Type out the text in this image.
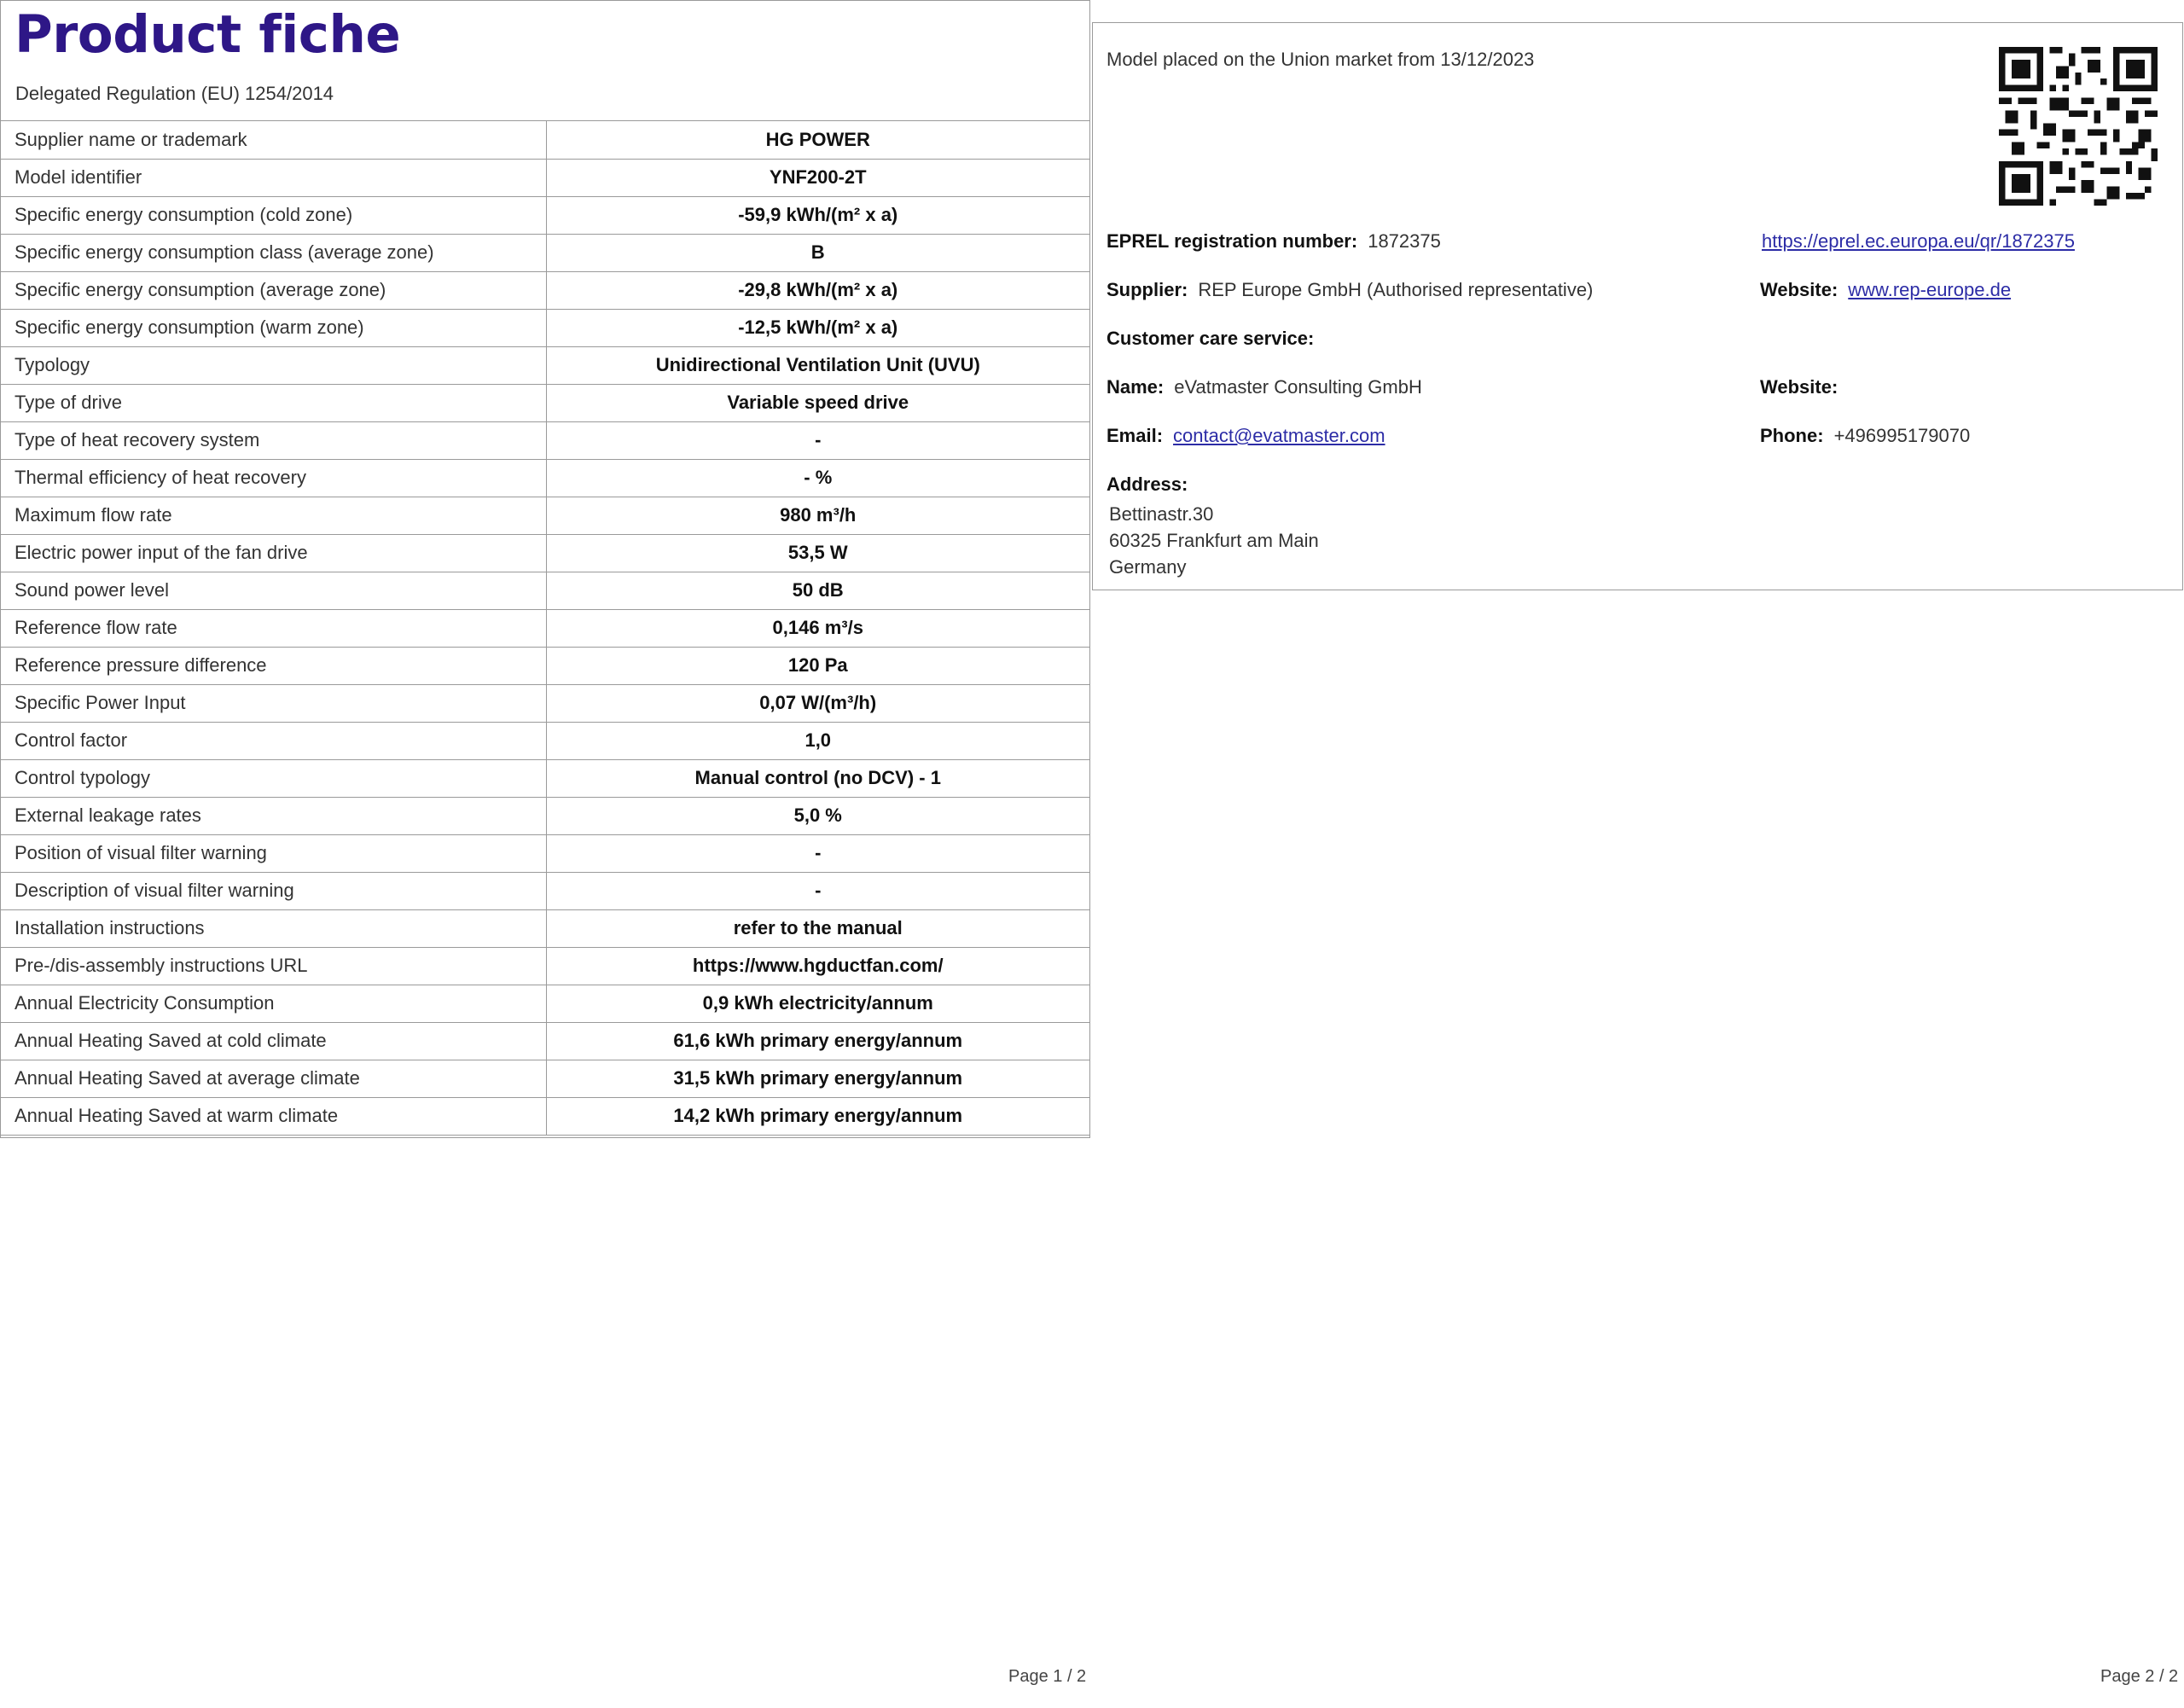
Product fiche
Delegated Regulation (EU) 1254/2014
Supplier name or trademark	HG POWER
Model identifier	YNF200-2T
Specific energy consumption (cold zone)	-59,9 kWh/(m² x a)
Specific energy consumption class (average zone)	B
Specific energy consumption (average zone)	-29,8 kWh/(m² x a)
Specific energy consumption (warm zone)	-12,5 kWh/(m² x a)
Typology	Unidirectional Ventilation Unit (UVU)
Type of drive	Variable speed drive
Type of heat recovery system	-
Thermal efficiency of heat recovery	- %
Maximum flow rate	980 m³/h
Electric power input of the fan drive	53,5 W
Sound power level	50 dB
Reference flow rate	0,146 m³/s
Reference pressure difference	120 Pa
Specific Power Input	0,07 W/(m³/h)
Control factor	1,0
Control typology	Manual control (no DCV) - 1
External leakage rates	5,0 %
Position of visual filter warning	-
Description of visual filter warning	-
Installation instructions	refer to the manual
Pre-/dis-assembly instructions URL	https://www.hgductfan.com/
Annual Electricity Consumption	0,9 kWh electricity/annum
Annual Heating Saved at cold climate	61,6 kWh primary energy/annum
Annual Heating Saved at average climate	31,5 kWh primary energy/annum
Annual Heating Saved at warm climate	14,2 kWh primary energy/annum
Model placed on the Union market from 13/12/2023
EPREL registration number: 1872375	https://eprel.ec.europa.eu/qr/1872375
Supplier: REP Europe GmbH (Authorised representative)	Website: www.rep-europe.de
Customer care service:
Name: eVatmaster Consulting GmbH	Website:
Email: contact@evatmaster.com	Phone: +496995179070
Address:
Bettinastr.30
60325 Frankfurt am Main
Germany
Page 1 / 2	Page 2 / 2
